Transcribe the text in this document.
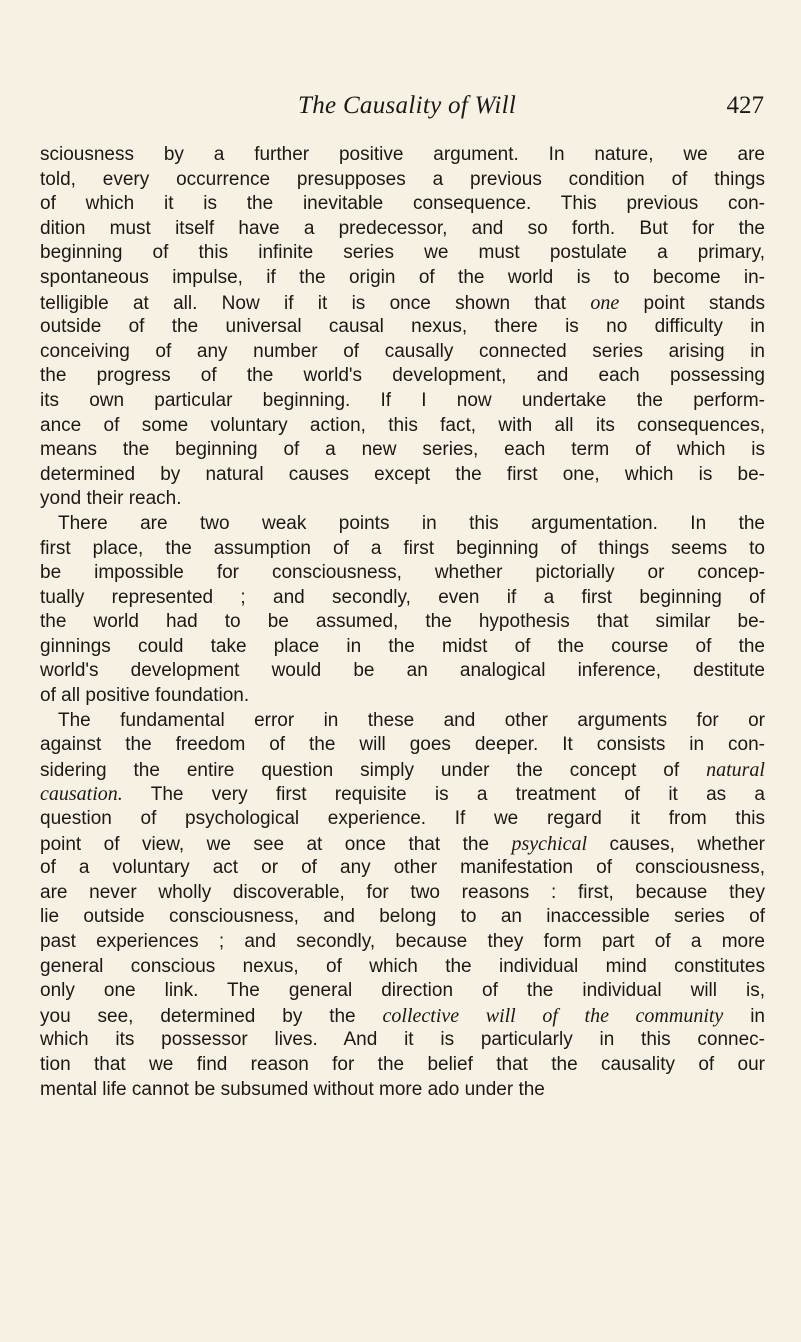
The Causality of Will	427
sciousness by a further positive argument. In nature, we are
told, every occurrence presupposes a previous condition of things
of which it is the inevitable consequence. This previous con-
dition must itself have a predecessor, and so forth. But for the
beginning of this infinite series we must postulate a primary,
spontaneous impulse, if the origin of the world is to become in-
telligible at all. Now if it is once shown that one point stands
outside of the universal causal nexus, there is no difficulty in
conceiving of any number of causally connected series arising in
the progress of the world's development, and each possessing
its own particular beginning. If I now undertake the perform-
ance of some voluntary action, this fact, with all its consequences,
means the beginning of a new series, each term of which is
determined by natural causes except the first one, which is be-
yond their reach.
There are two weak points in this argumentation. In the
first place, the assumption of a first beginning of things seems to
be impossible for consciousness, whether pictorially or concep-
tually represented ; and secondly, even if a first beginning of
the world had to be assumed, the hypothesis that similar be-
ginnings could take place in the midst of the course of the
world's development would be an analogical inference, destitute
of all positive foundation.
The fundamental error in these and other arguments for or
against the freedom of the will goes deeper. It consists in con-
sidering the entire question simply under the concept of natural
causation. The very first requisite is a treatment of it as a
question of psychological experience. If we regard it from this
point of view, we see at once that the psychical causes, whether
of a voluntary act or of any other manifestation of consciousness,
are never wholly discoverable, for two reasons : first, because they
lie outside consciousness, and belong to an inaccessible series of
past experiences ; and secondly, because they form part of a more
general conscious nexus, of which the individual mind constitutes
only one link. The general direction of the individual will is,
you see, determined by the collective will of the community in
which its possessor lives. And it is particularly in this connec-
tion that we find reason for the belief that the causality of our
mental life cannot be subsumed without more ado under the
